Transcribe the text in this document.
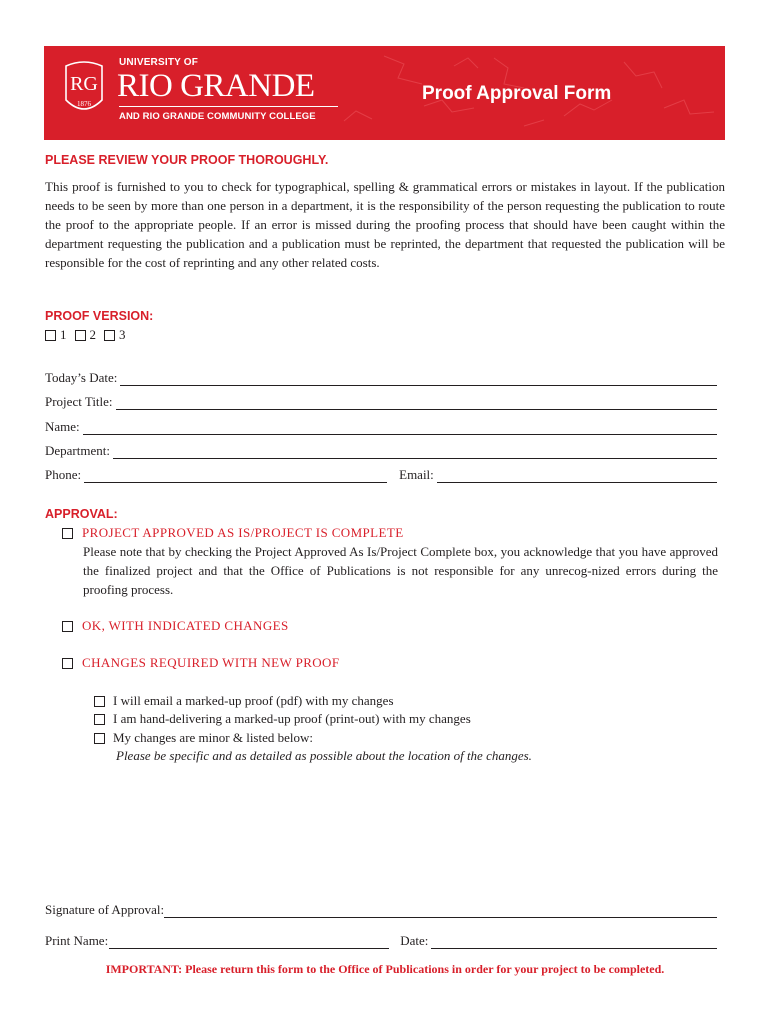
RG
1876
UNIVERSITY OF
RIO GRANDE
AND RIO GRANDE COMMUNITY COLLEGE
Proof Approval Form
PLEASE REVIEW YOUR PROOF THOROUGHLY.

This proof is furnished to you to check for typographical, spelling & grammatical errors or mistakes in layout. If the publication needs to be seen by more than one person in a department, it is the responsibility of the person requesting the publication to route the proof to the appropriate people. If an error is missed during the proofing process that should have been caught within the department requesting the publication and a publication must be reprinted, the department that requested the publication will be responsible for the cost of reprinting and any other related costs.

PROOF VERSION:
1 2 3
Today’s Date:
Project Title:
Name:
Department:
Phone:	Email:
APPROVAL:
PROJECT APPROVED AS IS/PROJECT IS COMPLETE

Please note that by checking the Project Approved As Is/Project Complete box, you acknowledge that you have approved the finalized project and that the Office of Publications is not responsible for any unrecog-nized errors during the proofing process.

OK, WITH INDICATED CHANGES
CHANGES REQUIRED WITH NEW PROOF
I will email a marked-up proof (pdf) with my changes
I am hand-delivering a marked-up proof (print-out) with my changes
My changes are minor & listed below:
Please be specific and as detailed as possible about the location of the changes.
Signature of Approval:
Print Name:	Date:
IMPORTANT: Please return this form to the Office of Publications in order for your project to be completed.
